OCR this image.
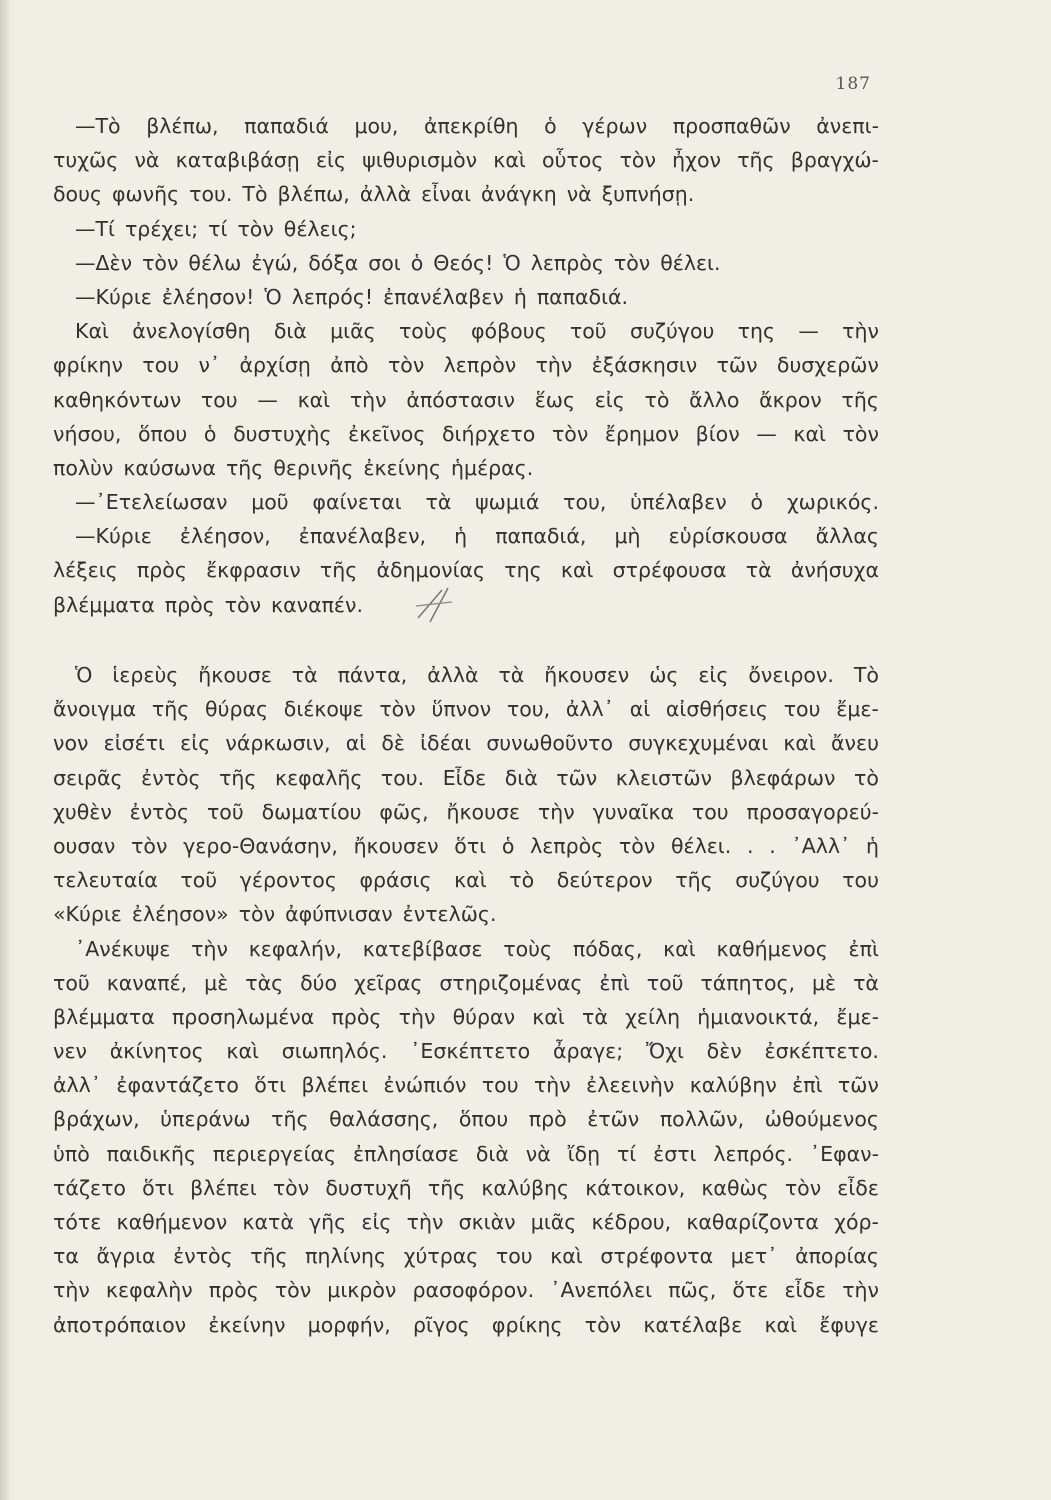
187
—Τὸ βλέπω, παπαδιά μου, ἀπεκρίθη ὁ γέρων προσπαθῶν ἀνεπι-
τυχῶς νὰ καταβιβάσῃ εἰς ψιθυρισμὸν καὶ οὗτος τὸν ἦχον τῆς βραγχώ-
δους φωνῆς του. Τὸ βλέπω, ἀλλὰ εἶναι ἀνάγκη νὰ ξυπνήσῃ.
—Τί τρέχει; τί τὸν θέλεις;
—Δὲν τὸν θέλω ἐγώ, δόξα σοι ὁ Θεός! Ὁ λεπρὸς τὸν θέλει.
—Κύριε ἐλέησον! Ὁ λεπρός! ἐπανέλαβεν ἡ παπαδιά.
Καὶ ἀνελογίσθη διὰ μιᾶς τοὺς φόβους τοῦ συζύγου της — τὴν
φρίκην του ν᾽ ἀρχίσῃ ἀπὸ τὸν λεπρὸν τὴν ἐξάσκησιν τῶν δυσχερῶν
καθηκόντων του — καὶ τὴν ἀπόστασιν ἕως εἰς τὸ ἄλλο ἄκρον τῆς
νήσου, ὅπου ὁ δυστυχὴς ἐκεῖνος διήρχετο τὸν ἔρημον βίον — καὶ τὸν
πολὺν καύσωνα τῆς θερινῆς ἐκείνης ἡμέρας.
—᾽Ετελείωσαν μοῦ φαίνεται τὰ ψωμιά του, ὑπέλαβεν ὁ χωρικός.
—Κύριε ἐλέησον, ἐπανέλαβεν, ἡ παπαδιά, μὴ εὑρίσκουσα ἄλλας
λέξεις πρὸς ἔκφρασιν τῆς ἀδημονίας της καὶ στρέφουσα τὰ ἀνήσυχα
βλέμματα πρὸς τὸν καναπέν.
Ὁ ἱερεὺς ἤκουσε τὰ πάντα, ἀλλὰ τὰ ἤκουσεν ὡς εἰς ὄνειρον. Τὸ
ἄνοιγμα τῆς θύρας διέκοψε τὸν ὕπνον του, ἀλλ᾽ αἱ αἰσθήσεις του ἔμε-
νον εἰσέτι εἰς νάρκωσιν, αἱ δὲ ἰδέαι συνωθοῦντο συγκεχυμέναι καὶ ἄνευ
σειρᾶς ἐντὸς τῆς κεφαλῆς του. Εἶδε διὰ τῶν κλειστῶν βλεφάρων τὸ
χυθὲν ἐντὸς τοῦ δωματίου φῶς, ἤκουσε τὴν γυναῖκα του προσαγορεύ-
ουσαν τὸν γερο-Θανάσην, ἤκουσεν ὅτι ὁ λεπρὸς τὸν θέλει. . . ᾽Αλλ᾽ ἡ
τελευταία τοῦ γέροντος φράσις καὶ τὸ δεύτερον τῆς συζύγου του
«Κύριε ἐλέησον» τὸν ἀφύπνισαν ἐντελῶς.
᾽Ανέκυψε τὴν κεφαλήν, κατεβίβασε τοὺς πόδας, καὶ καθήμενος ἐπὶ
τοῦ καναπέ, μὲ τὰς δύο χεῖρας στηριζομένας ἐπὶ τοῦ τάπητος, μὲ τὰ
βλέμματα προσηλωμένα πρὸς τὴν θύραν καὶ τὰ χείλη ἡμιανοικτά, ἔμε-
νεν ἀκίνητος καὶ σιωπηλός. ᾽Εσκέπτετο ἆραγε; Ὄχι δὲν ἐσκέπτετο.
ἀλλ᾽ ἐφαντάζετο ὅτι βλέπει ἐνώπιόν του τὴν ἐλεεινὴν καλύβην ἐπὶ τῶν
βράχων, ὑπεράνω τῆς θαλάσσης, ὅπου πρὸ ἐτῶν πολλῶν, ὠθούμενος
ὑπὸ παιδικῆς περιεργείας ἐπλησίασε διὰ νὰ ἴδῃ τί ἐστι λεπρός. ᾽Εφαν-
τάζετο ὅτι βλέπει τὸν δυστυχῆ τῆς καλύβης κάτοικον, καθὼς τὸν εἶδε
τότε καθήμενον κατὰ γῆς εἰς τὴν σκιὰν μιᾶς κέδρου, καθαρίζοντα χόρ-
τα ἄγρια ἐντὸς τῆς πηλίνης χύτρας του καὶ στρέφοντα μετ᾽ ἀπορίας
τὴν κεφαλὴν πρὸς τὸν μικρὸν ρασοφόρον. ᾽Ανεπόλει πῶς, ὅτε εἶδε τὴν
ἀποτρόπαιον ἐκείνην μορφήν, ρῖγος φρίκης τὸν κατέλαβε καὶ ἔφυγε
